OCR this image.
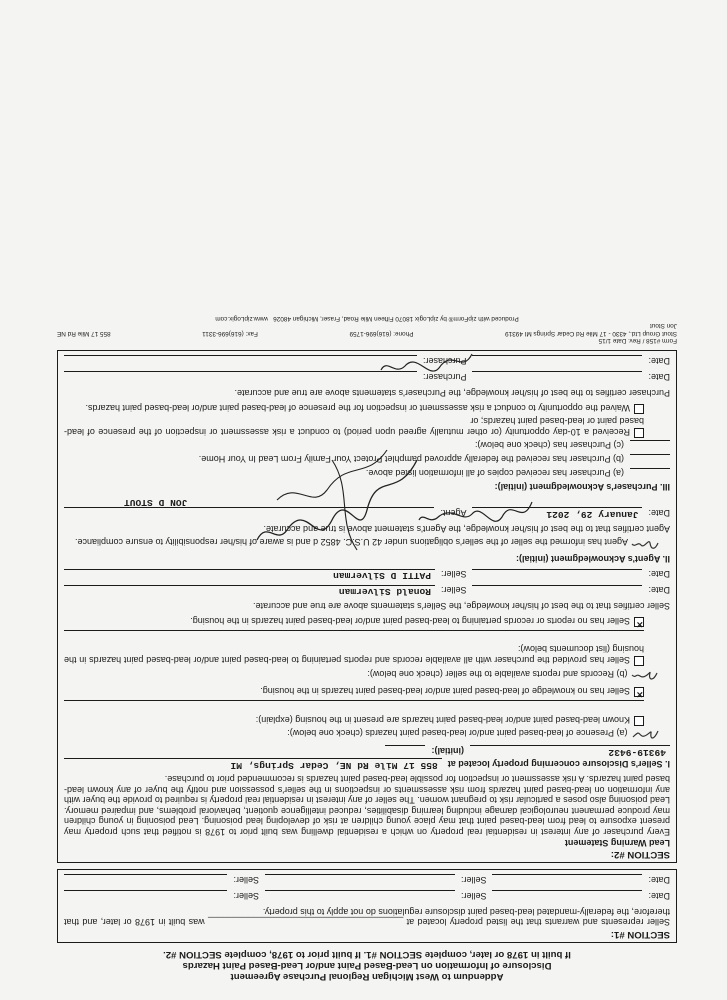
Addendum to West Michigan Regional Purchase Agreement
Disclosure of Information on Lead-Based Paint and/or Lead-Based Paint Hazards
If built in 1978 or later, complete SECTION #1. If built prior to 1978, complete SECTION #2.
SECTION #1:
Seller represents and warrants that the listed property located at _______________________________________ was built in 1978 or later, and that therefore, the federally-mandated lead-based paint disclosure regulations do not apply to this property.
Date:
Seller:
Seller:
Date:
Seller:
Seller:
SECTION #2:
Lead Warning Statement
Every purchaser of any interest in residential real property on which a residential dwelling was built prior to 1978 is notified that such property may present exposure to lead from lead-based paint that may place young children at risk of developing lead poisoning. Lead poisoning in young children may produce permanent neurological damage including learning disabilities, reduced intelligence quotient, behavioral problems, and impaired memory. Lead poisoning also poses a particular risk to pregnant women. The seller of any interest in residential real property is required to provide the buyer with any information on lead-based paint hazards from risk assessments or inspections in the seller's possession and notify the buyer of any known lead-based paint hazards. A risk assessment or inspection for possible lead-based paint hazards is recommended prior to purchase.
I. Seller's Disclosure concerning property located at
855 17 Mile Rd NE, Cedar Springs, MI
49319-9432
(initial):
(a) Presence of lead-based paint and/or lead-based paint hazards (check one below):
Known lead-based paint and/or lead-based paint hazards are present in the housing (explain):
×Seller has no knowledge of lead-based paint and/or lead-based paint hazards in the housing.
(b) Records and reports available to the seller (check one below):
Seller has provided the purchaser with all available records and reports pertaining to lead-based paint and/or lead-based paint hazards in the housing (list documents below):
×Seller has no reports or records pertaining to lead-based paint and/or lead-based paint hazards in the housing.
Seller certifies that to the best of his/her knowledge, the Seller's statements above are true and accurate.
Date:
Seller:
Ronald Silverman
Date:
Seller:
PATTI D Silverman
II. Agent's Acknowledgment (initial):
Agent has informed the seller of the seller's obligations under 42 U.S.C. 4852 d and is aware of his/her responsibility to ensure compliance.
Agent certifies that to the best of his/her knowledge, the Agent's statement above is true and accurate.
Date:
January 29, 2021
Agent:
JON D STOUT
III. Purchaser's Acknowledgment (initial):
(a) Purchaser has received copies of all information listed above.
(b) Purchaser has received the federally approved pamphlet Protect Your Family From Lead In Your Home.
(c) Purchaser has (check one below):
Received a 10-day opportunity (or other mutually agreed upon period) to conduct a risk assessment or inspection of the presence of lead-based paint or lead-based paint hazards; or
Waived the opportunity to conduct a risk assessment or inspection for the presence of lead-based paint and/or lead-based paint hazards.
Purchaser certifies to the best of his/her knowledge, the Purchaser's statements above are true and accurate.
Date:
Purchaser:
Date:
Purchaser:
Form #158 / Rev. Date 1/15
Stout Group Ltd., 4330 - 17 Mile Rd Cedar Springs MI 49319
Phone: (616)696-1759
Fax: (616)696-3311
855 17 Mile Rd NE
Jon Stout
Produced with zipForm® by zipLogix 18070 Fifteen Mile Road, Fraser, Michigan 48026   www.zipLogix.com
